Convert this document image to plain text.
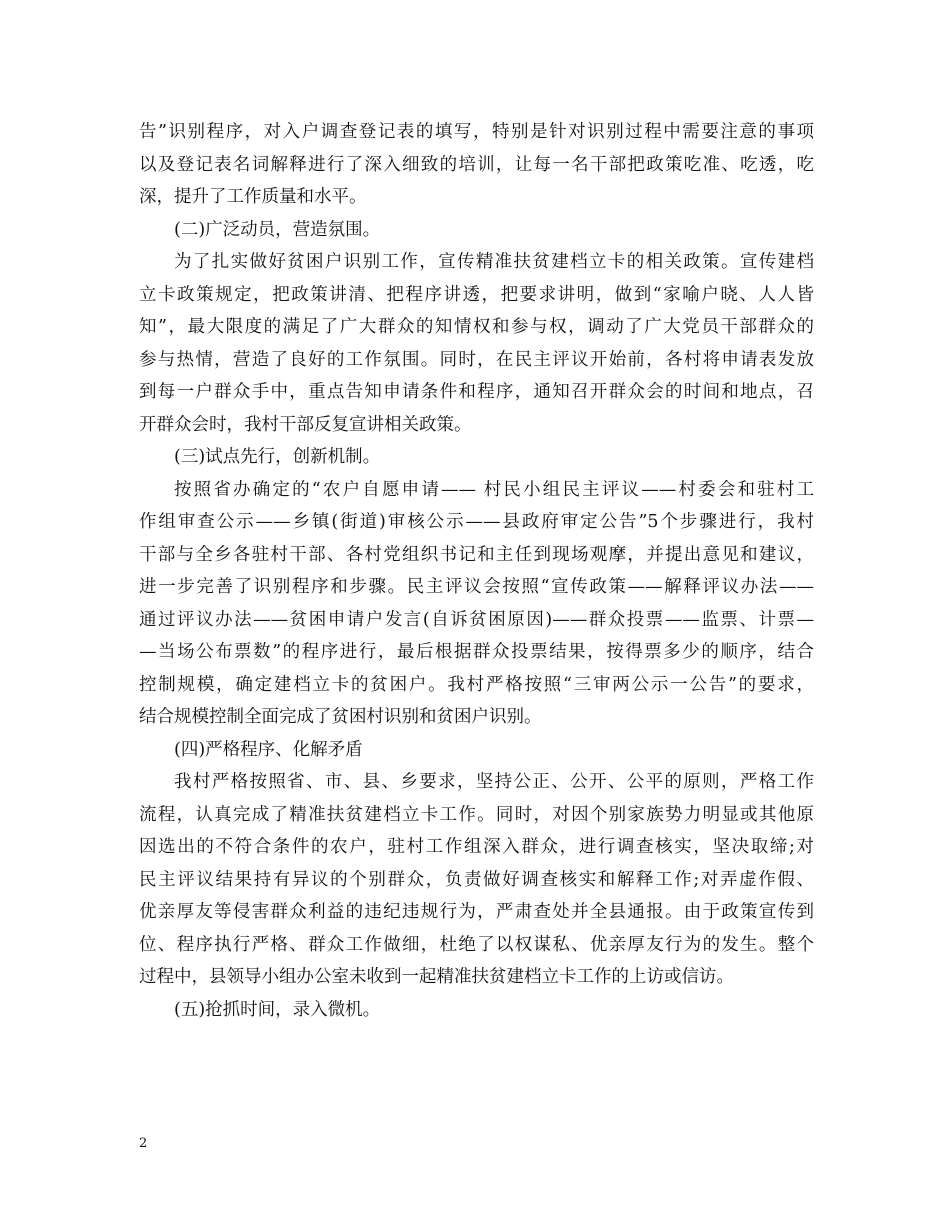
告”识别程序，对入户调查登记表的填写，特别是针对识别过程中需要注意的事项
以及登记表名词解释进行了深入细致的培训，让每一名干部把政策吃准、吃透，吃
深，提升了工作质量和水平。
(二)广泛动员，营造氛围。
为了扎实做好贫困户识别工作，宣传精准扶贫建档立卡的相关政策。宣传建档
立卡政策规定，把政策讲清、把程序讲透，把要求讲明，做到“家喻户晓、人人皆
知”，最大限度的满足了广大群众的知情权和参与权，调动了广大党员干部群众的
参与热情，营造了良好的工作氛围。同时，在民主评议开始前，各村将申请表发放
到每一户群众手中，重点告知申请条件和程序，通知召开群众会的时间和地点，召
开群众会时，我村干部反复宣讲相关政策。
(三)试点先行，创新机制。
按照省办确定的“农户自愿申请—— 村民小组民主评议——村委会和驻村工
作组审查公示——乡镇(街道)审核公示——县政府审定公告”5个步骤进行，我村
干部与全乡各驻村干部、各村党组织书记和主任到现场观摩，并提出意见和建议，
进一步完善了识别程序和步骤。民主评议会按照“宣传政策——解释评议办法——
通过评议办法——贫困申请户发言(自诉贫困原因)——群众投票——监票、计票—
—当场公布票数”的程序进行，最后根据群众投票结果，按得票多少的顺序，结合
控制规模，确定建档立卡的贫困户。我村严格按照“三审两公示一公告”的要求，
结合规模控制全面完成了贫困村识别和贫困户识别。
(四)严格程序、化解矛盾
我村严格按照省、市、县、乡要求，坚持公正、公开、公平的原则，严格工作
流程，认真完成了精准扶贫建档立卡工作。同时，对因个别家族势力明显或其他原
因选出的不符合条件的农户，驻村工作组深入群众，进行调查核实，坚决取缔;对
民主评议结果持有异议的个别群众，负责做好调查核实和解释工作;对弄虚作假、
优亲厚友等侵害群众利益的违纪违规行为，严肃查处并全县通报。由于政策宣传到
位、程序执行严格、群众工作做细，杜绝了以权谋私、优亲厚友行为的发生。整个
过程中，县领导小组办公室未收到一起精准扶贫建档立卡工作的上访或信访。
(五)抢抓时间，录入微机。
2
